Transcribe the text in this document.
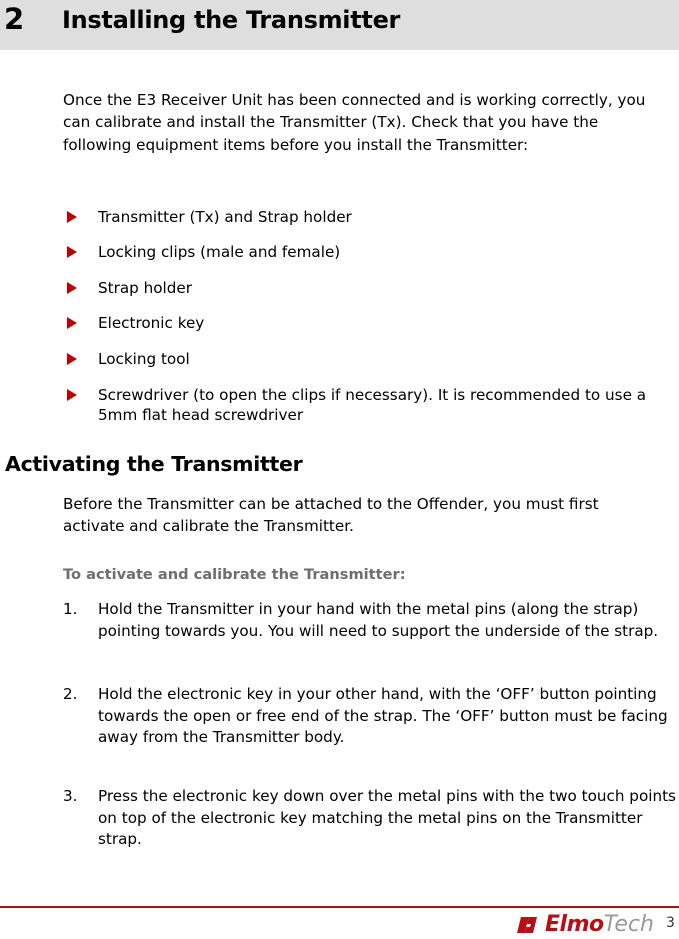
2 Installing the Transmitter
Once the E3 Receiver Unit has been connected and is working correctly, you can calibrate and install the Transmitter (Tx). Check that you have the following equipment items before you install the Transmitter:
Transmitter (Tx) and Strap holder
Locking clips (male and female)
Strap holder
Electronic key
Locking tool
Screwdriver (to open the clips if necessary). It is recommended to use a 5mm flat head screwdriver
Activating the Transmitter
Before the Transmitter can be attached to the Offender, you must first activate and calibrate the Transmitter.
To activate and calibrate the Transmitter:
1. Hold the Transmitter in your hand with the metal pins (along the strap) pointing towards you. You will need to support the underside of the strap.
2. Hold the electronic key in your other hand, with the ‘OFF’ button pointing towards the open or free end of the strap. The ‘OFF’ button must be facing away from the Transmitter body.
3. Press the electronic key down over the metal pins with the two touch points on top of the electronic key matching the metal pins on the Transmitter strap.
ElmoTech 3
